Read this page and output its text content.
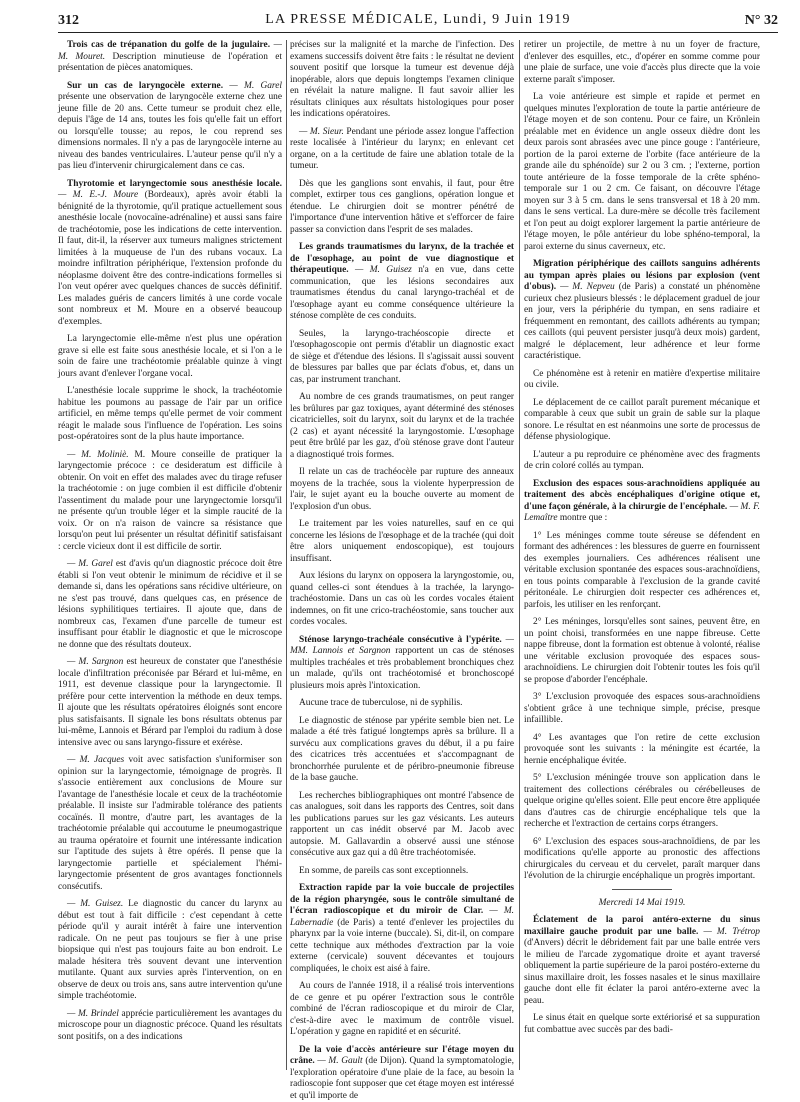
LA PRESSE MÉDICALE, Lundi, 9 Juin 1919
312	N° 32

Trois cas de trépanation du golfe de la jugulaire. — M. Mouret. Description minutieuse de l'opération et présentation de pièces anatomiques.

Sur un cas de laryngocèle externe. — M. Garel présente une observation de laryngocèle externe chez une jeune fille de 20 ans. Cette tumeur se produit chez elle, depuis l'âge de 14 ans, toutes les fois qu'elle fait un effort ou lorsqu'elle tousse; au repos, le cou reprend ses dimensions normales. Il n'y a pas de laryngocèle interne au niveau des bandes ventriculaires. L'auteur pense qu'il n'y a pas lieu d'intervenir chirurgicalement dans ce cas.

Thyrotomie et laryngectomie sous anesthésie locale. — M. E.-J. Moure (Bordeaux), après avoir établi la bénignité de la thyrotomie, qu'il pratique actuellement sous anesthésie locale (novocaïne-adrénaline) et aussi sans faire de trachéotomie, pose les indications de cette intervention. Il faut, dit-il, la réserver aux tumeurs malignes strictement limitées à la muqueuse de l'un des rubans vocaux. La moindre infiltration périphérique, l'extension profonde du néoplasme doivent être des contre-indications formelles si l'on veut opérer avec quelques chances de succès définitif. Les malades guéris de cancers limités à une corde vocale sont nombreux et M. Moure en a observé beaucoup d'exemples.

La laryngectomie elle-même n'est plus une opération grave si elle est faite sous anesthésie locale, et si l'on a le soin de faire une trachéotomie préalable quinze à vingt jours avant d'enlever l'organe vocal.

L'anesthésie locale supprime le shock, la trachéotomie habitue les poumons au passage de l'air par un orifice artificiel, en même temps qu'elle permet de voir comment réagit le malade sous l'influence de l'opération. Les soins post-opératoires sont de la plus haute importance.

— M. Moliniè. M. Moure conseille de pratiquer la laryngectomie précoce : ce desideratum est difficile à obtenir. On voit en effet des malades avec du tirage refuser la trachéotomie : on juge combien il est difficile d'obtenir l'assentiment du malade pour une laryngectomie lorsqu'il ne présente qu'un trouble léger et la simple raucité de la voix. Or on n'a raison de vaincre sa résistance que lorsqu'on peut lui présenter un résultat définitif satisfaisant : cercle vicieux dont il est difficile de sortir.

— M. Garel est d'avis qu'un diagnostic précoce doit être établi si l'on veut obtenir le minimum de récidive et il se demande si, dans les opérations sans récidive ultérieure, on ne s'est pas trouvé, dans quelques cas, en présence de lésions syphilitiques tertiaires. Il ajoute que, dans de nombreux cas, l'examen d'une parcelle de tumeur est insuffisant pour établir le diagnostic et que le microscope ne donne que des résultats douteux.

— M. Sargnon est heureux de constater que l'anesthésie locale d'infiltration préconisée par Bérard et lui-même, en 1911, est devenue classique pour la laryngectomie. Il préfère pour cette intervention la méthode en deux temps. Il ajoute que les résultats opératoires éloignés sont encore plus satisfaisants. Il signale les bons résultats obtenus par lui-même, Lannois et Bérard par l'emploi du radium à dose intensive avec ou sans laryngo-fissure et exérèse.

— M. Jacques voit avec satisfaction s'uniformiser son opinion sur la laryngectomie, témoignage de progrès. Il s'associe entièrement aux conclusions de Moure sur l'avantage de l'anesthésie locale et ceux de la trachéotomie préalable. Il insiste sur l'admirable tolérance des patients cocaïnés. Il montre, d'autre part, les avantages de la trachéotomie préalable qui accoutume le pneumogastrique au trauma opératoire et fournit une intéressante indication sur l'aptitude des sujets à être opérés. Il pense que la laryngectomie partielle et spécialement l'hémi-laryngectomie présentent de gros avantages fonctionnels consécutifs.

— M. Guisez. Le diagnostic du cancer du larynx au début est tout à fait difficile : c'est cependant à cette période qu'il y aurait intérêt à faire une intervention radicale. On ne peut pas toujours se fier à une prise biopsique qui n'est pas toujours faite au bon endroit. Le malade hésitera très souvent devant une intervention mutilante. Quant aux survies après l'intervention, on en observe de deux ou trois ans, sans autre intervention qu'une simple trachéotomie.

— M. Brindel apprécie particulièrement les avantages du microscope pour un diagnostic précoce. Quand les résultats sont positifs, on a des indications

précises sur la malignité et la marche de l'infection. Des examens successifs doivent être faits : le résultat ne devient souvent positif que lorsque la tumeur est devenue déjà inopérable, alors que depuis longtemps l'examen clinique en révélait la nature maligne. Il faut savoir allier les résultats cliniques aux résultats histologiques pour poser les indications opératoires.

— M. Sieur. Pendant une période assez longue l'affection reste localisée à l'intérieur du larynx; en enlevant cet organe, on a la certitude de faire une ablation totale de la tumeur.

Dès que les ganglions sont envahis, il faut, pour être complet, extirper tous ces ganglions, opération longue et étendue. Le chirurgien doit se montrer pénétré de l'importance d'une intervention hâtive et s'efforcer de faire passer sa conviction dans l'esprit de ses malades.

Les grands traumatismes du larynx, de la trachée et de l'œsophage, au point de vue diagnostique et thérapeutique. — M. Guisez n'a en vue, dans cette communication, que les lésions secondaires aux traumatismes étendus du canal laryngo-trachéal et de l'œsophage ayant eu comme conséquence ultérieure la sténose complète de ces conduits.

Seules, la laryngo-trachéoscopie directe et l'œsophagoscopie ont permis d'établir un diagnostic exact de siège et d'étendue des lésions. Il s'agissait aussi souvent de blessures par balles que par éclats d'obus, et, dans un cas, par instrument tranchant.

Au nombre de ces grands traumatismes, on peut ranger les brûlures par gaz toxiques, ayant déterminé des sténoses cicatricielles, soit du larynx, soit du larynx et de la trachée (2 cas) et ayant nécessité la laryngostomie. L'œsophage peut être brûlé par les gaz, d'où sténose grave dont l'auteur a diagnostiqué trois formes.

Il relate un cas de trachéocèle par rupture des anneaux moyens de la trachée, sous la violente hyperpression de l'air, le sujet ayant eu la bouche ouverte au moment de l'explosion d'un obus.

Le traitement par les voies naturelles, sauf en ce qui concerne les lésions de l'œsophage et de la trachée (qui doit être alors uniquement endoscopique), est toujours insuffisant.

Aux lésions du larynx on opposera la laryngostomie, ou, quand celles-ci sont étendues à la trachée, la laryngo-trachéostomie. Dans un cas où les cordes vocales étaient indemnes, on fit une crico-trachéostomie, sans toucher aux cordes vocales.

Sténose laryngo-trachéale consécutive à l'ypérite. — MM. Lannois et Sargnon rapportent un cas de sténoses multiples trachéales et très probablement bronchiques chez un malade, qu'ils ont trachéotomisé et bronchoscopé plusieurs mois après l'intoxication.

Aucune trace de tuberculose, ni de syphilis.

Le diagnostic de sténose par ypérite semble bien net. Le malade a été très fatigué longtemps après sa brûlure. Il a survécu aux complications graves du début, il a pu faire des cicatrices très accentuées et s'accompagnant de bronchorrhée purulente et de péribro-pneumonie fibreuse de la base gauche.

Les recherches bibliographiques ont montré l'absence de cas analogues, soit dans les rapports des Centres, soit dans les publications parues sur les gaz vésicants. Les auteurs rapportent un cas inédit observé par M. Jacob avec autopsie. M. Gallavardin a observé aussi une sténose consécutive aux gaz qui a dû être trachéotomisée.

En somme, de pareils cas sont exceptionnels.

Extraction rapide par la voie buccale de projectiles de la région pharyngée, sous le contrôle simultané de l'écran radioscopique et du miroir de Clar. — M. Labernadie (de Paris) a tenté d'enlever les projectiles du pharynx par la voie interne (buccale). Si, dit-il, on compare cette technique aux méthodes d'extraction par la voie externe (cervicale) souvent décevantes et toujours compliquées, le choix est aisé à faire.

Au cours de l'année 1918, il a réalisé trois interventions de ce genre et pu opérer l'extraction sous le contrôle combiné de l'écran radioscopique et du miroir de Clar, c'est-à-dire avec le maximum de contrôle visuel. L'opération y gagne en rapidité et en sécurité.

De la voie d'accès antérieure sur l'étage moyen du crâne. — M. Gault (de Dijon). Quand la symptomatologie, l'exploration opératoire d'une plaie de la face, au besoin la radioscopie font supposer que cet étage moyen est intéressé et qu'il importe de

retirer un projectile, de mettre à nu un foyer de fracture, d'enlever des esquilles, etc., d'opérer en somme comme pour une plaie de surface, une voie d'accès plus directe que la voie externe paraît s'imposer.

La voie antérieure est simple et rapide et permet en quelques minutes l'exploration de toute la partie antérieure de l'étage moyen et de son contenu. Pour ce faire, un Krönlein préalable met en évidence un angle osseux dièdre dont les deux parois sont abrasées avec une pince gouge : l'antérieure, portion de la paroi externe de l'orbite (face antérieure de la grande aile du sphénoïde) sur 2 ou 3 cm. ; l'externe, portion toute antérieure de la fosse temporale de la crête sphéno-temporale sur 1 ou 2 cm. Ce faisant, on découvre l'étage moyen sur 3 à 5 cm. dans le sens transversal et 18 à 20 mm. dans le sens vertical. La dure-mère se décolle très facilement et l'on peut au doigt explorer largement la partie antérieure de l'étage moyen, le pôle antérieur du lobe sphéno-temporal, la paroi externe du sinus caverneux, etc.

Migration périphérique des caillots sanguins adhérents au tympan après plaies ou lésions par explosion (vent d'obus). — M. Nepveu (de Paris) a constaté un phénomène curieux chez plusieurs blessés : le déplacement graduel de jour en jour, vers la périphérie du tympan, en sens radiaire et fréquemment en remontant, des caillots adhérents au tympan; ces caillots (qui peuvent persister jusqu'à deux mois) gardent, malgré le déplacement, leur adhérence et leur forme caractéristique.

Ce phénomène est à retenir en matière d'expertise militaire ou civile.

Le déplacement de ce caillot paraît purement mécanique et comparable à ceux que subit un grain de sable sur la plaque sonore. Le résultat en est néanmoins une sorte de processus de défense physiologique.

L'auteur a pu reproduire ce phénomène avec des fragments de crin coloré collés au tympan.

Exclusion des espaces sous-arachnoïdiens appliquée au traitement des abcès encéphaliques d'origine otique et, d'une façon générale, à la chirurgie de l'encéphale. — M. F. Lemaître montre que :

1° Les méninges comme toute séreuse se défendent en formant des adhérences : les blessures de guerre en fournissent des exemples journaliers. Ces adhérences réalisent une véritable exclusion spontanée des espaces sous-arachnoïdiens, en tous points comparable à l'exclusion de la grande cavité péritonéale. Le chirurgien doit respecter ces adhérences et, parfois, les utiliser en les renforçant.

2° Les méninges, lorsqu'elles sont saines, peuvent être, en un point choisi, transformées en une nappe fibreuse. Cette nappe fibreuse, dont la formation est obtenue à volonté, réalise une véritable exclusion provoquée des espaces sous-arachnoïdiens. Le chirurgien doit l'obtenir toutes les fois qu'il se propose d'aborder l'encéphale.

3° L'exclusion provoquée des espaces sous-arachnoïdiens s'obtient grâce à une technique simple, précise, presque infaillible.

4° Les avantages que l'on retire de cette exclusion provoquée sont les suivants : la méningite est écartée, la hernie encéphalique évitée.

5° L'exclusion méningée trouve son application dans le traitement des collections cérébrales ou cérébelleuses de quelque origine qu'elles soient. Elle peut encore être appliquée dans d'autres cas de chirurgie encéphalique tels que la recherche et l'extraction de certains corps étrangers.

6° L'exclusion des espaces sous-arachnoïdiens, de par les modifications qu'elle apporte au pronostic des affections chirurgicales du cerveau et du cervelet, paraît marquer dans l'évolution de la chirurgie encéphalique un progrès important.

Mercredi 14 Mai 1919.

Éclatement de la paroi antéro-externe du sinus maxillaire gauche produit par une balle. — M. Trétrop (d'Anvers) décrit le débridement fait par une balle entrée vers le milieu de l'arcade zygomatique droite et ayant traversé obliquement la partie supérieure de la paroi postéro-externe du sinus maxillaire droit, les fosses nasales et le sinus maxillaire gauche dont elle fit éclater la paroi antéro-externe avec la peau.

Le sinus était en quelque sorte extériorisé et sa suppuration fut combattue avec succès par des badi-
